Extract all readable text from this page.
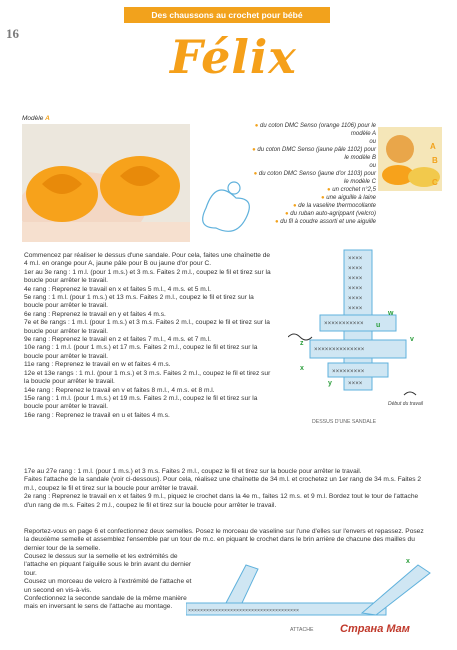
Des chaussons au crochet pour bébé
16	Félix
Modèle A
● du coton DMC Senso (orange 1106) pour le modèle A
ou
● du coton DMC Senso (jaune pâle 1102) pour le modèle B
ou
● du coton DMC Senso (jaune d'or 1103) pour le modèle C
● un crochet n°2,5
● une aiguille à laine
● de la vaseline thermocollante
● du ruban auto-agrippant (velcro)
● du fil à coudre assorti et une aiguille
A
B
C

Commencez par réaliser le dessus d'une sandale. Pour cela, faites une chaînette de 4 m.l. en orange pour A, jaune pâle pour B ou jaune d'or pour C.

1er au 3e rang : 1 m.l. (pour 1 m.s.) et 3 m.s. Faites 2 m.l., coupez le fil et tirez sur la boucle pour arrêter le travail.

4e rang : Reprenez le travail en x et faites 5 m.l., 4 m.s. et 5 m.l.

5e rang : 1 m.l. (pour 1 m.s.) et 13 m.s. Faites 2 m.l., coupez le fil et tirez sur la boucle pour arrêter le travail.

6e rang : Reprenez le travail en y et faites 4 m.s.

7e et 8e rangs : 1 m.l. (pour 1 m.s.) et 3 m.s. Faites 2 m.l., coupez le fil et tirez sur la boucle pour arrêter le travail.

9e rang : Reprenez le travail en z et faites 7 m.l., 4 m.s. et 7 m.l.

10e rang : 1 m.l. (pour 1 m.s.) et 17 m.s. Faites 2 m.l., coupez le fil et tirez sur la boucle pour arrêter le travail.

11e rang : Reprenez le travail en w et faites 4 m.s.

12e et 13e rangs : 1 m.l. (pour 1 m.s.) et 3 m.s. Faites 2 m.l., coupez le fil et tirez sur la boucle pour arrêter le travail.

14e rang : Reprenez le travail en v et faites 8 m.l., 4 m.s. et 8 m.l.

15e rang : 1 m.l. (pour 1 m.s.) et 19 m.s. Faites 2 m.l., coupez le fil et tirez sur la boucle pour arrêter le travail.

16e rang : Reprenez le travail en u et faites 4 m.s.

17e au 27e rang : 1 m.l. (pour 1 m.s.) et 3 m.s. Faites 2 m.l., coupez le fil et tirez sur la boucle pour arrêter le travail.

Faites l'attache de la sandale (voir ci-dessous). Pour cela, réalisez une chaînette de 34 m.l. et crochetez un 1er rang de 34 m.s. Faites 2 m.l., coupez le fil et tirez sur la boucle pour arrêter le travail.

2e rang : Reprenez le travail en x et faites 9 m.l., piquez le crochet dans la 4e m., faites 12 m.s. et 9 m.l. Bordez tout le tour de l'attache d'un rang de m.s. Faites 2 m.l., coupez le fil et tirez sur la boucle pour arrêter le travail.

Reportez-vous en page 6 et confectionnez deux semelles. Posez le morceau de vaseline sur l'une d'elles sur l'envers et repassez. Posez la deuxième semelle et assemblez l'ensemble par un tour de m.c. en piquant le crochet dans le brin arrière de chacune des mailles du dernier tour de la semelle.

Cousez le dessus sur la semelle et les extrémités de l'attache en piquant l'aiguille sous le brin avant du dernier tour.

Cousez un morceau de velcro à l'extrémité de l'attache et un second en vis-à-vis.

Confectionnez la seconde sandale de la même manière mais en inversant le sens de l'attache au montage.

××××
××××
××××
××××
××××
××××
×××××××××××
××××××××××××××
×××××××××
××××
u
v
w
x
y
z
Début du travail
DESSUS D'UNE SANDALE
×××××××××××××××××××××××××××××××××××××
x
ATTACHE Страна Мам
